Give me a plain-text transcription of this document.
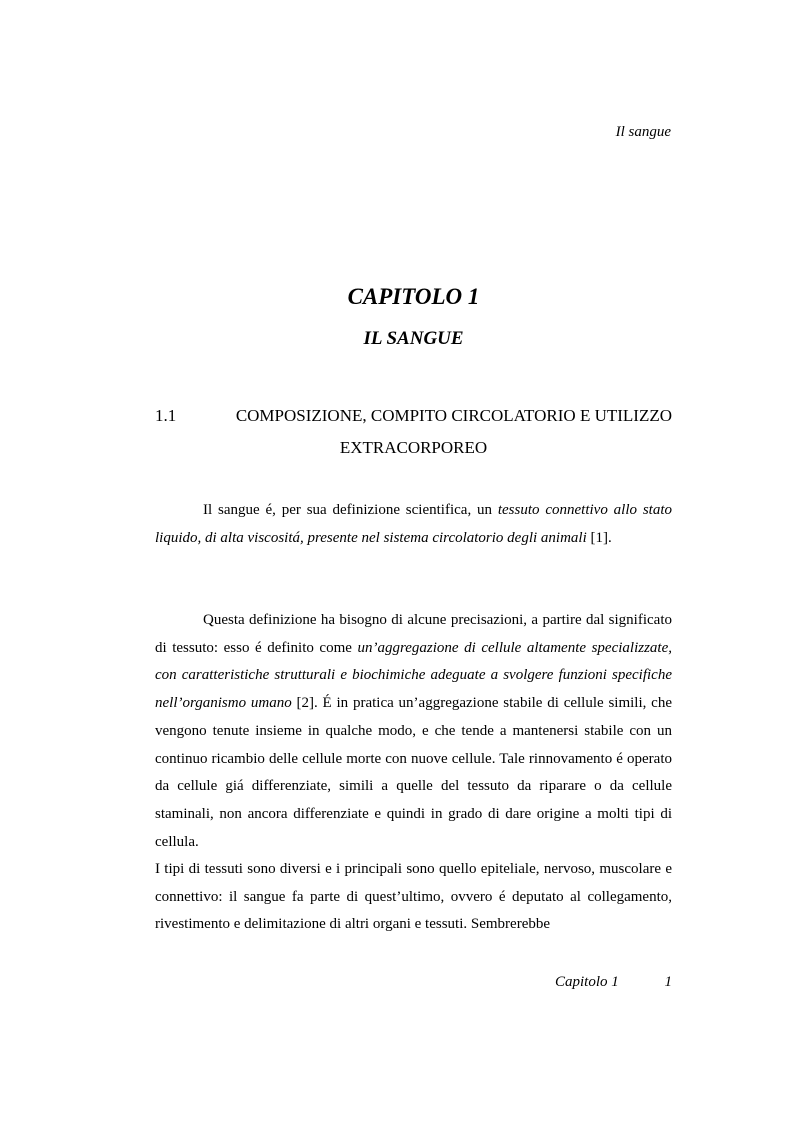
Il sangue
CAPITOLO 1
IL SANGUE
1.1	COMPOSIZIONE, COMPITO CIRCOLATORIO E UTILIZZO
EXTRACORPOREO

Il sangue é, per sua definizione scientifica, un tessuto connettivo allo stato liquido, di alta viscositá, presente nel sistema circolatorio degli animali [1].

Questa definizione ha bisogno di alcune precisazioni, a partire dal significato di tessuto: esso é definito come un’aggregazione di cellule altamente specializzate, con caratteristiche strutturali e biochimiche adeguate a svolgere funzioni specifiche nell’organismo umano [2]. É in pratica un’aggregazione stabile di cellule simili, che vengono tenute insieme in qualche modo, e che tende a mantenersi stabile con un continuo ricambio delle cellule morte con nuove cellule. Tale rinnovamento é operato da cellule giá differenziate, simili a quelle del tessuto da riparare o da cellule staminali, non ancora differenziate e quindi in grado di dare origine a molti tipi di cellula.

I tipi di tessuti sono diversi e i principali sono quello epiteliale, nervoso, muscolare e connettivo: il sangue fa parte di quest’ultimo, ovvero é deputato al collegamento, rivestimento e delimitazione di altri organi e tessuti. Sembrerebbe

Capitolo 1	1
